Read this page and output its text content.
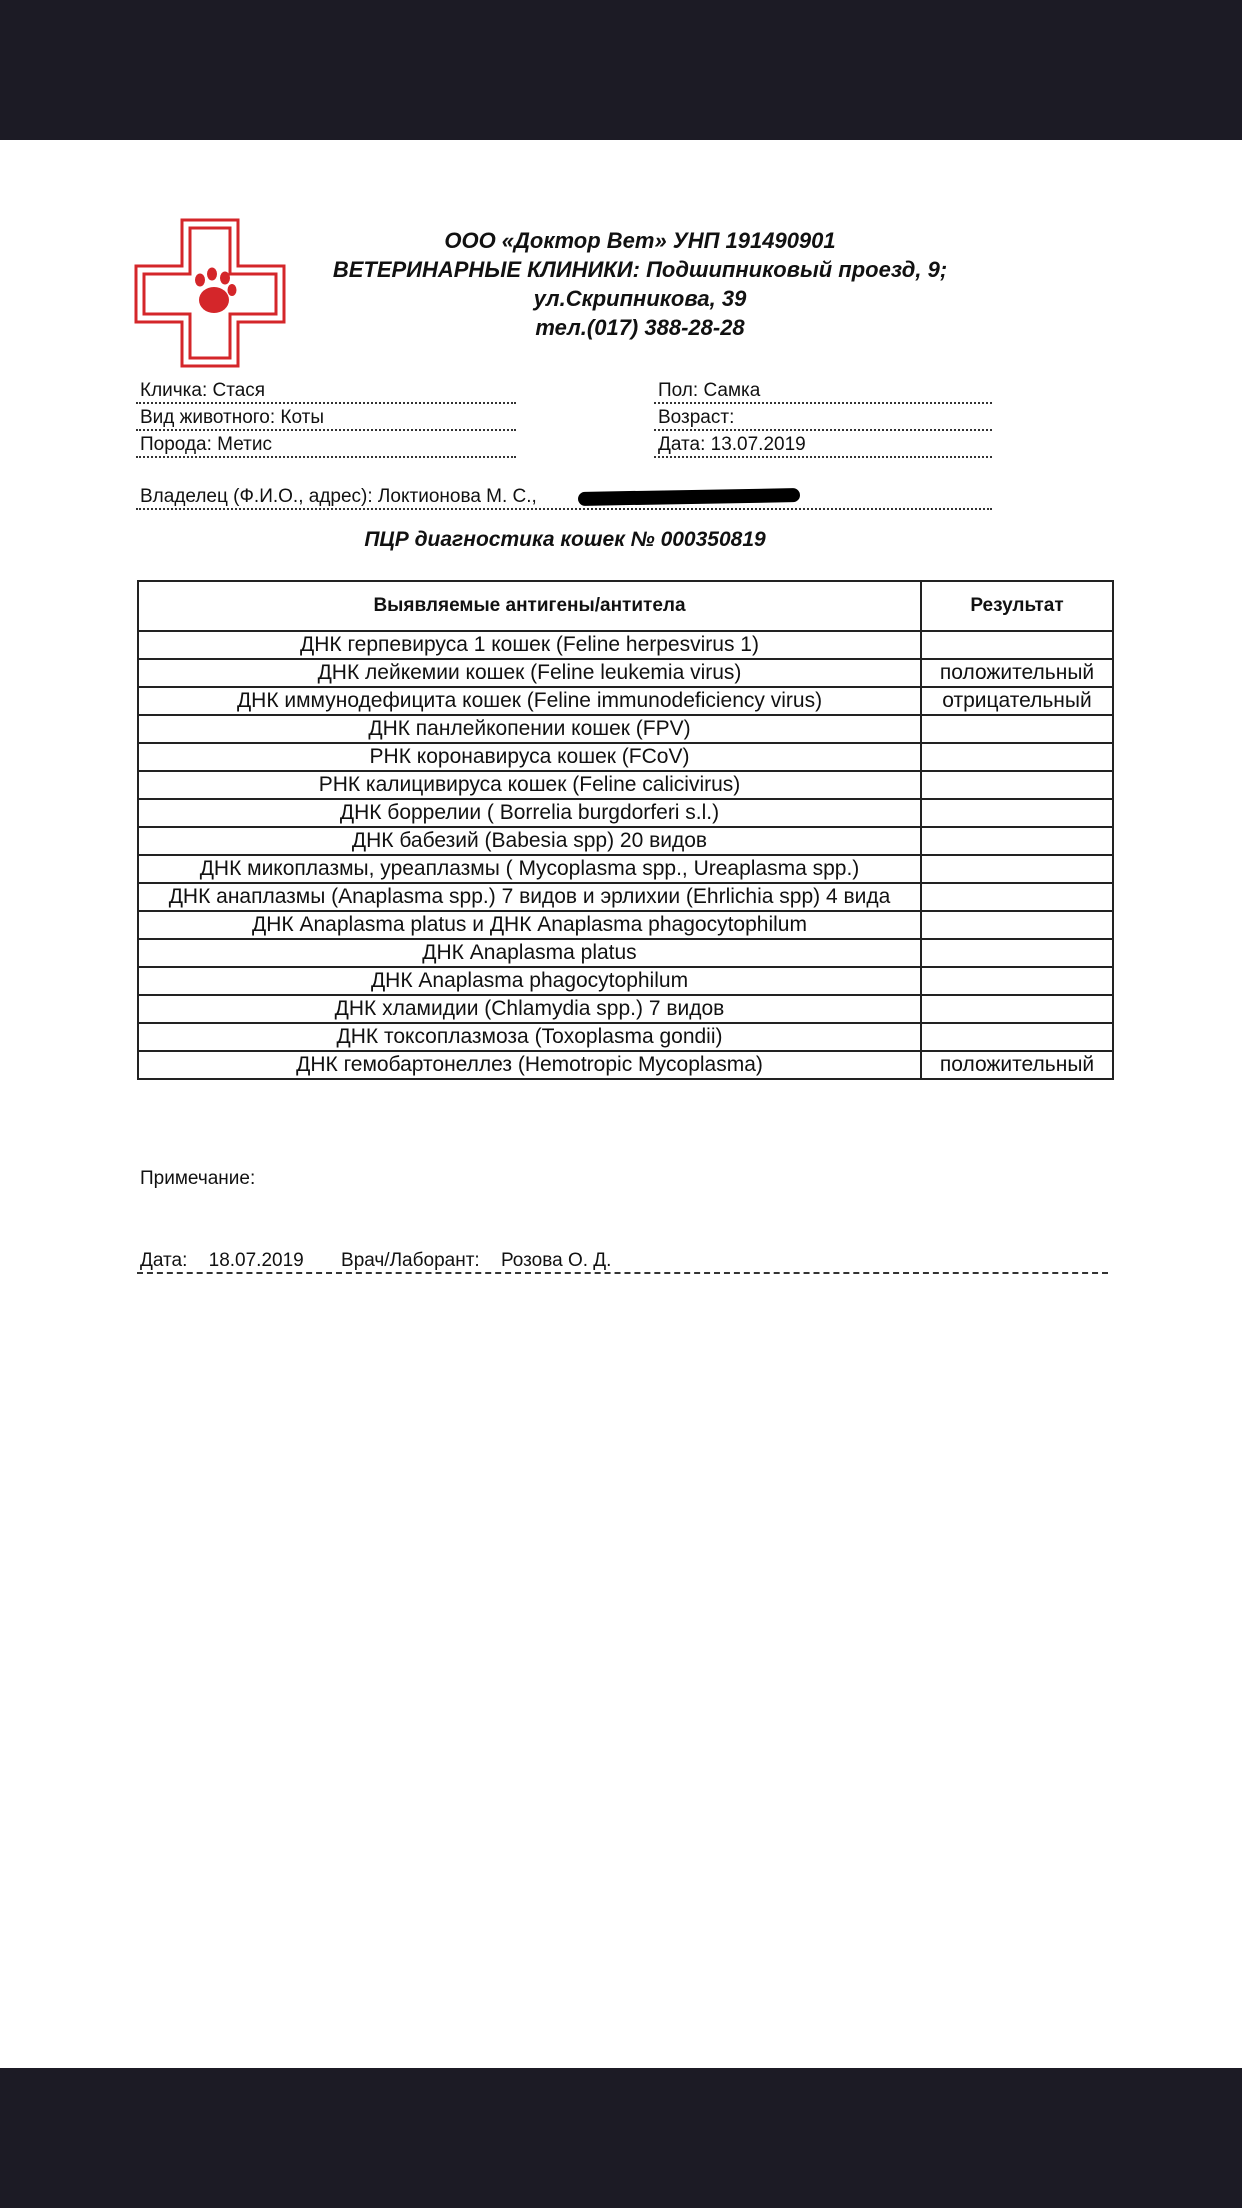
ООО «Доктор Вет» УНП 191490901
ВЕТЕРИНАРНЫЕ КЛИНИКИ: Подшипниковый проезд, 9;
ул.Скрипникова, 39
тел.(017) 388-28-28
Кличка: Стася
Вид животного: Коты
Порода: Метис
Пол: Самка
Возраст:
Дата: 13.07.2019
Владелец (Ф.И.О., адрес): Локтионова М. С.,
ПЦР диагностика кошек № 000350819
Выявляемые антигены/антитела	Результат
ДНК герпевируса 1 кошек (Feline herpesvirus 1)	
ДНК лейкемии кошек (Feline leukemia virus)	положительный
ДНК иммунодефицита кошек (Feline immunodeficiency virus)	отрицательный
ДНК панлейкопении кошек (FPV)	
РНК коронавируса кошек (FCoV)	
РНК калицивируса кошек (Feline calicivirus)	
ДНК боррелии ( Borrelia burgdorferi s.l.)	
ДНК бабезий (Babesia spp) 20 видов	
ДНК микоплазмы, уреаплазмы ( Mycoplasma spp., Ureaplasma spp.)	
ДНК анаплазмы (Anaplasma spp.) 7 видов и эрлихии (Ehrlichia spp) 4 вида	
ДНК Anaplasma platus и ДНК Anaplasma phagocytophilum	
ДНК Anaplasma platus	
ДНК Anaplasma phagocytophilum	
ДНК хламидии (Chlamydia spp.) 7 видов	
ДНК токсоплазмоза (Toxoplasma gondii)	
ДНК гемобартонеллез (Hemotropic Mycoplasma)	положительный
Примечание:
Дата: 18.07.2019 Врач/Лаборант: Розова О. Д.
